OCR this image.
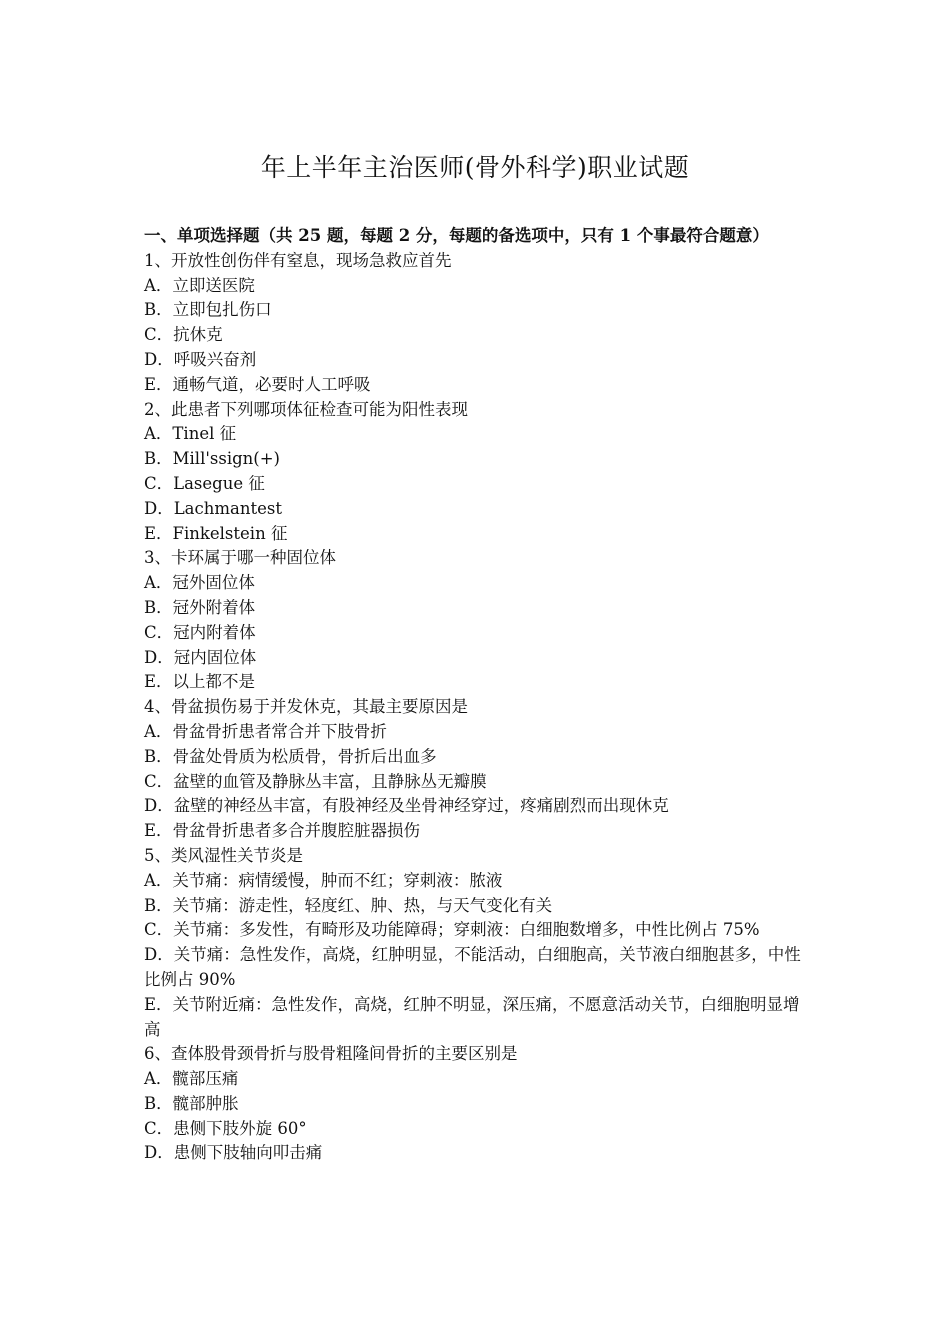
年上半年主治医师(骨外科学)职业试题
一、单项选择题（共 25 题，每题 2 分，每题的备选项中，只有 1 个事最符合题意）
1、开放性创伤伴有窒息，现场急救应首先
A．立即送医院
B．立即包扎伤口
C．抗休克
D．呼吸兴奋剂
E．通畅气道，必要时人工呼吸
2、此患者下列哪项体征检查可能为阳性表现
A．Tinel 征
B．Mill'ssign(+)
C．Lasegue 征
D．Lachmantest
E．Finkelstein 征
3、卡环属于哪一种固位体
A．冠外固位体
B．冠外附着体
C．冠内附着体
D．冠内固位体
E．以上都不是
4、骨盆损伤易于并发休克，其最主要原因是
A．骨盆骨折患者常合并下肢骨折
B．骨盆处骨质为松质骨，骨折后出血多
C．盆壁的血管及静脉丛丰富，且静脉丛无瓣膜
D．盆壁的神经丛丰富，有股神经及坐骨神经穿过，疼痛剧烈而出现休克
E．骨盆骨折患者多合并腹腔脏器损伤
5、类风湿性关节炎是
A．关节痛：病情缓慢，肿而不红；穿刺液：脓液
B．关节痛：游走性，轻度红、肿、热，与天气变化有关
C．关节痛：多发性，有畸形及功能障碍；穿刺液：白细胞数增多，中性比例占 75%
D．关节痛：急性发作，高烧，红肿明显，不能活动，白细胞高，关节液白细胞甚多，中性比例占 90%
E．关节附近痛：急性发作，高烧，红肿不明显，深压痛，不愿意活动关节，白细胞明显增高
6、查体股骨颈骨折与股骨粗隆间骨折的主要区别是
A．髋部压痛
B．髋部肿胀
C．患侧下肢外旋 60°
D．患侧下肢轴向叩击痛
